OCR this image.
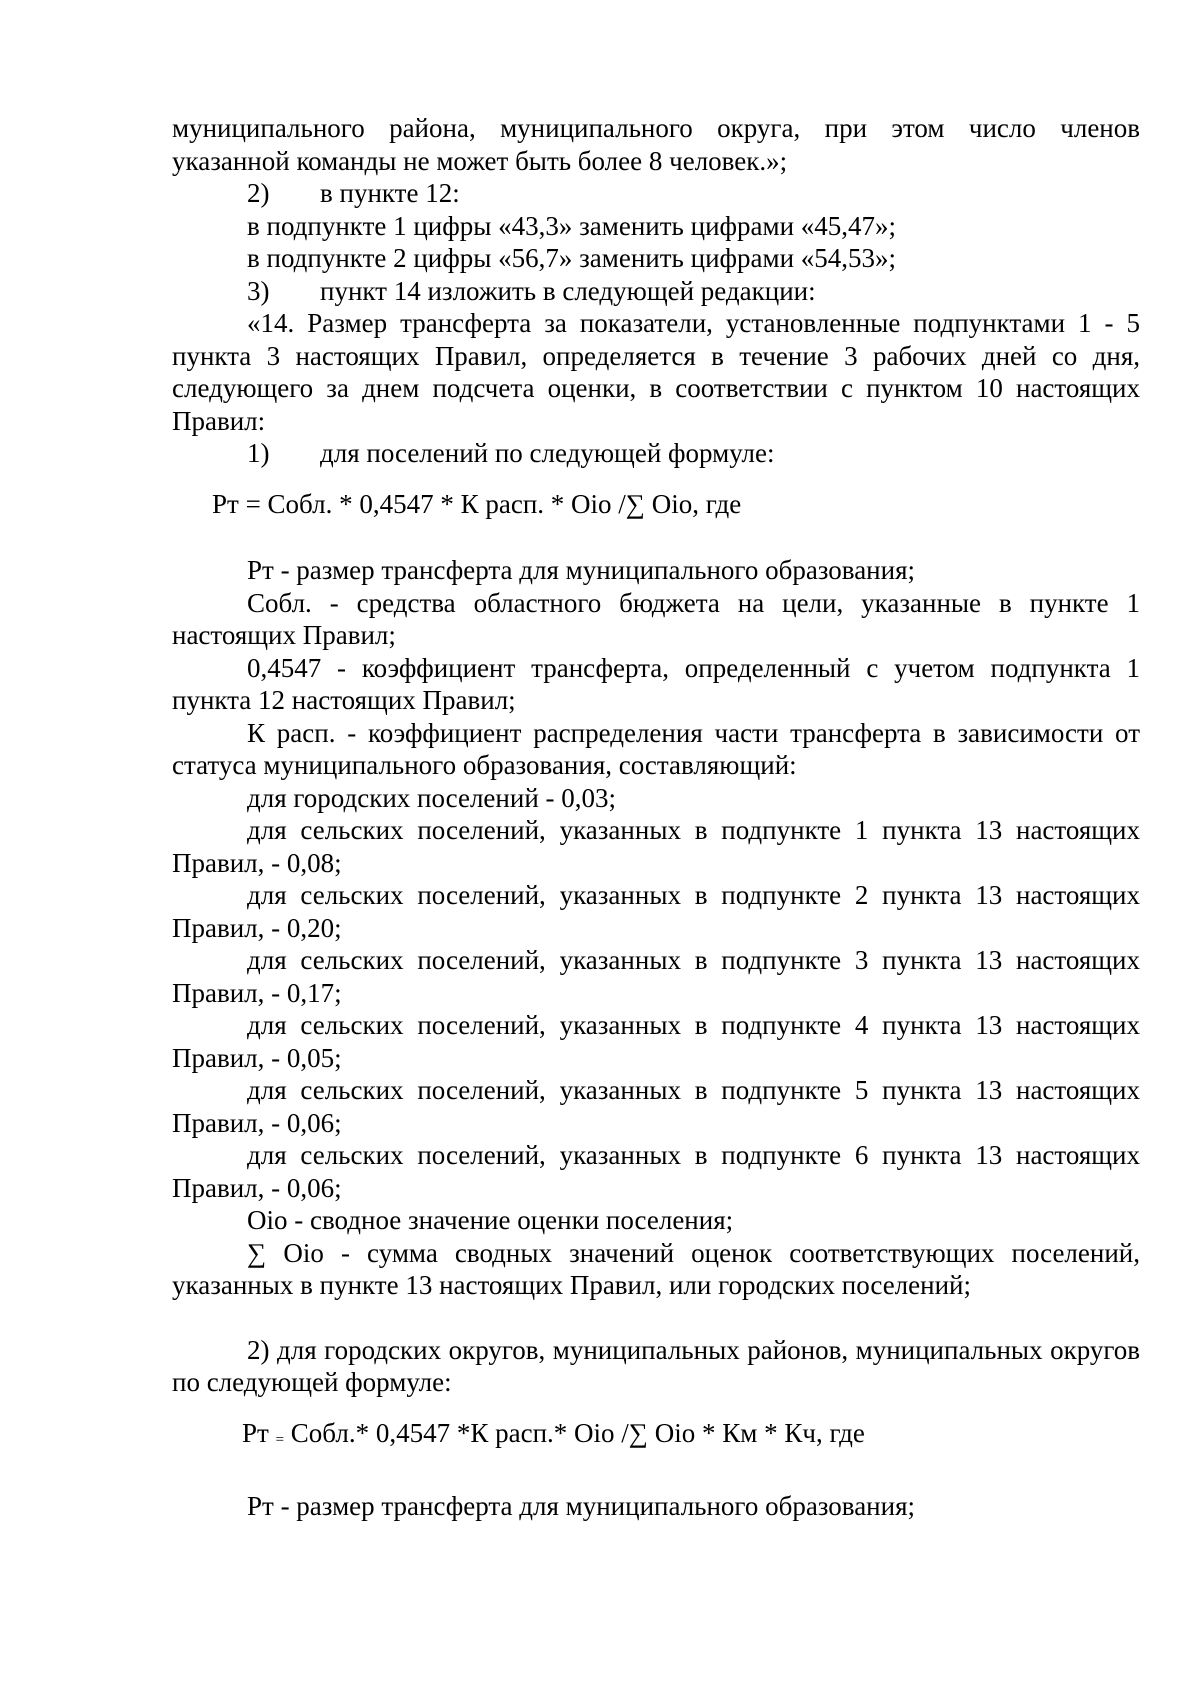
муниципального района, муниципального округа, при этом число членов указанной команды не может быть более 8 человек.»;

2)	в пункте 12:

в подпункте 1 цифры «43,3» заменить цифрами «45,47»;

в подпункте 2 цифры «56,7» заменить цифрами «54,53»;

3)	пункт 14 изложить в следующей редакции:

«14. Размер трансферта за показатели, установленные подпунктами 1 - 5 пункта 3 настоящих Правил, определяется в течение 3 рабочих дней со дня, следующего за днем подсчета оценки, в соответствии с пунктом 10 настоящих Правил:

1)	для поселений по следующей формуле:

Рт = Собл. * 0,4547 * К расп. * Оiо /∑ Оiо, где

Рт - размер трансферта для муниципального образования;

Собл. - средства областного бюджета на цели, указанные в пункте 1 настоящих Правил;

0,4547 - коэффициент трансферта, определенный с учетом подпункта 1 пункта 12 настоящих Правил;

К расп. - коэффициент распределения части трансферта в зависимости от статуса муниципального образования, составляющий:

для городских поселений - 0,03;

для сельских поселений, указанных в подпункте 1 пункта 13 настоящих Правил, - 0,08;

для сельских поселений, указанных в подпункте 2 пункта 13 настоящих Правил, - 0,20;

для сельских поселений, указанных в подпункте 3 пункта 13 настоящих Правил, - 0,17;

для сельских поселений, указанных в подпункте 4 пункта 13 настоящих Правил, - 0,05;

для сельских поселений, указанных в подпункте 5 пункта 13 настоящих Правил, - 0,06;

для сельских поселений, указанных в подпункте 6 пункта 13 настоящих Правил, - 0,06;

Оiо - сводное значение оценки поселения;

∑ Оiо - сумма сводных значений оценок соответствующих поселений, указанных в пункте 13 настоящих Правил, или городских поселений;

2) для городских округов, муниципальных районов, муниципальных округов по следующей формуле:

Рт = Собл.* 0,4547 *К расп.* Оiо /∑ Оiо * Км * Кч, где

Рт - размер трансферта для муниципального образования;
